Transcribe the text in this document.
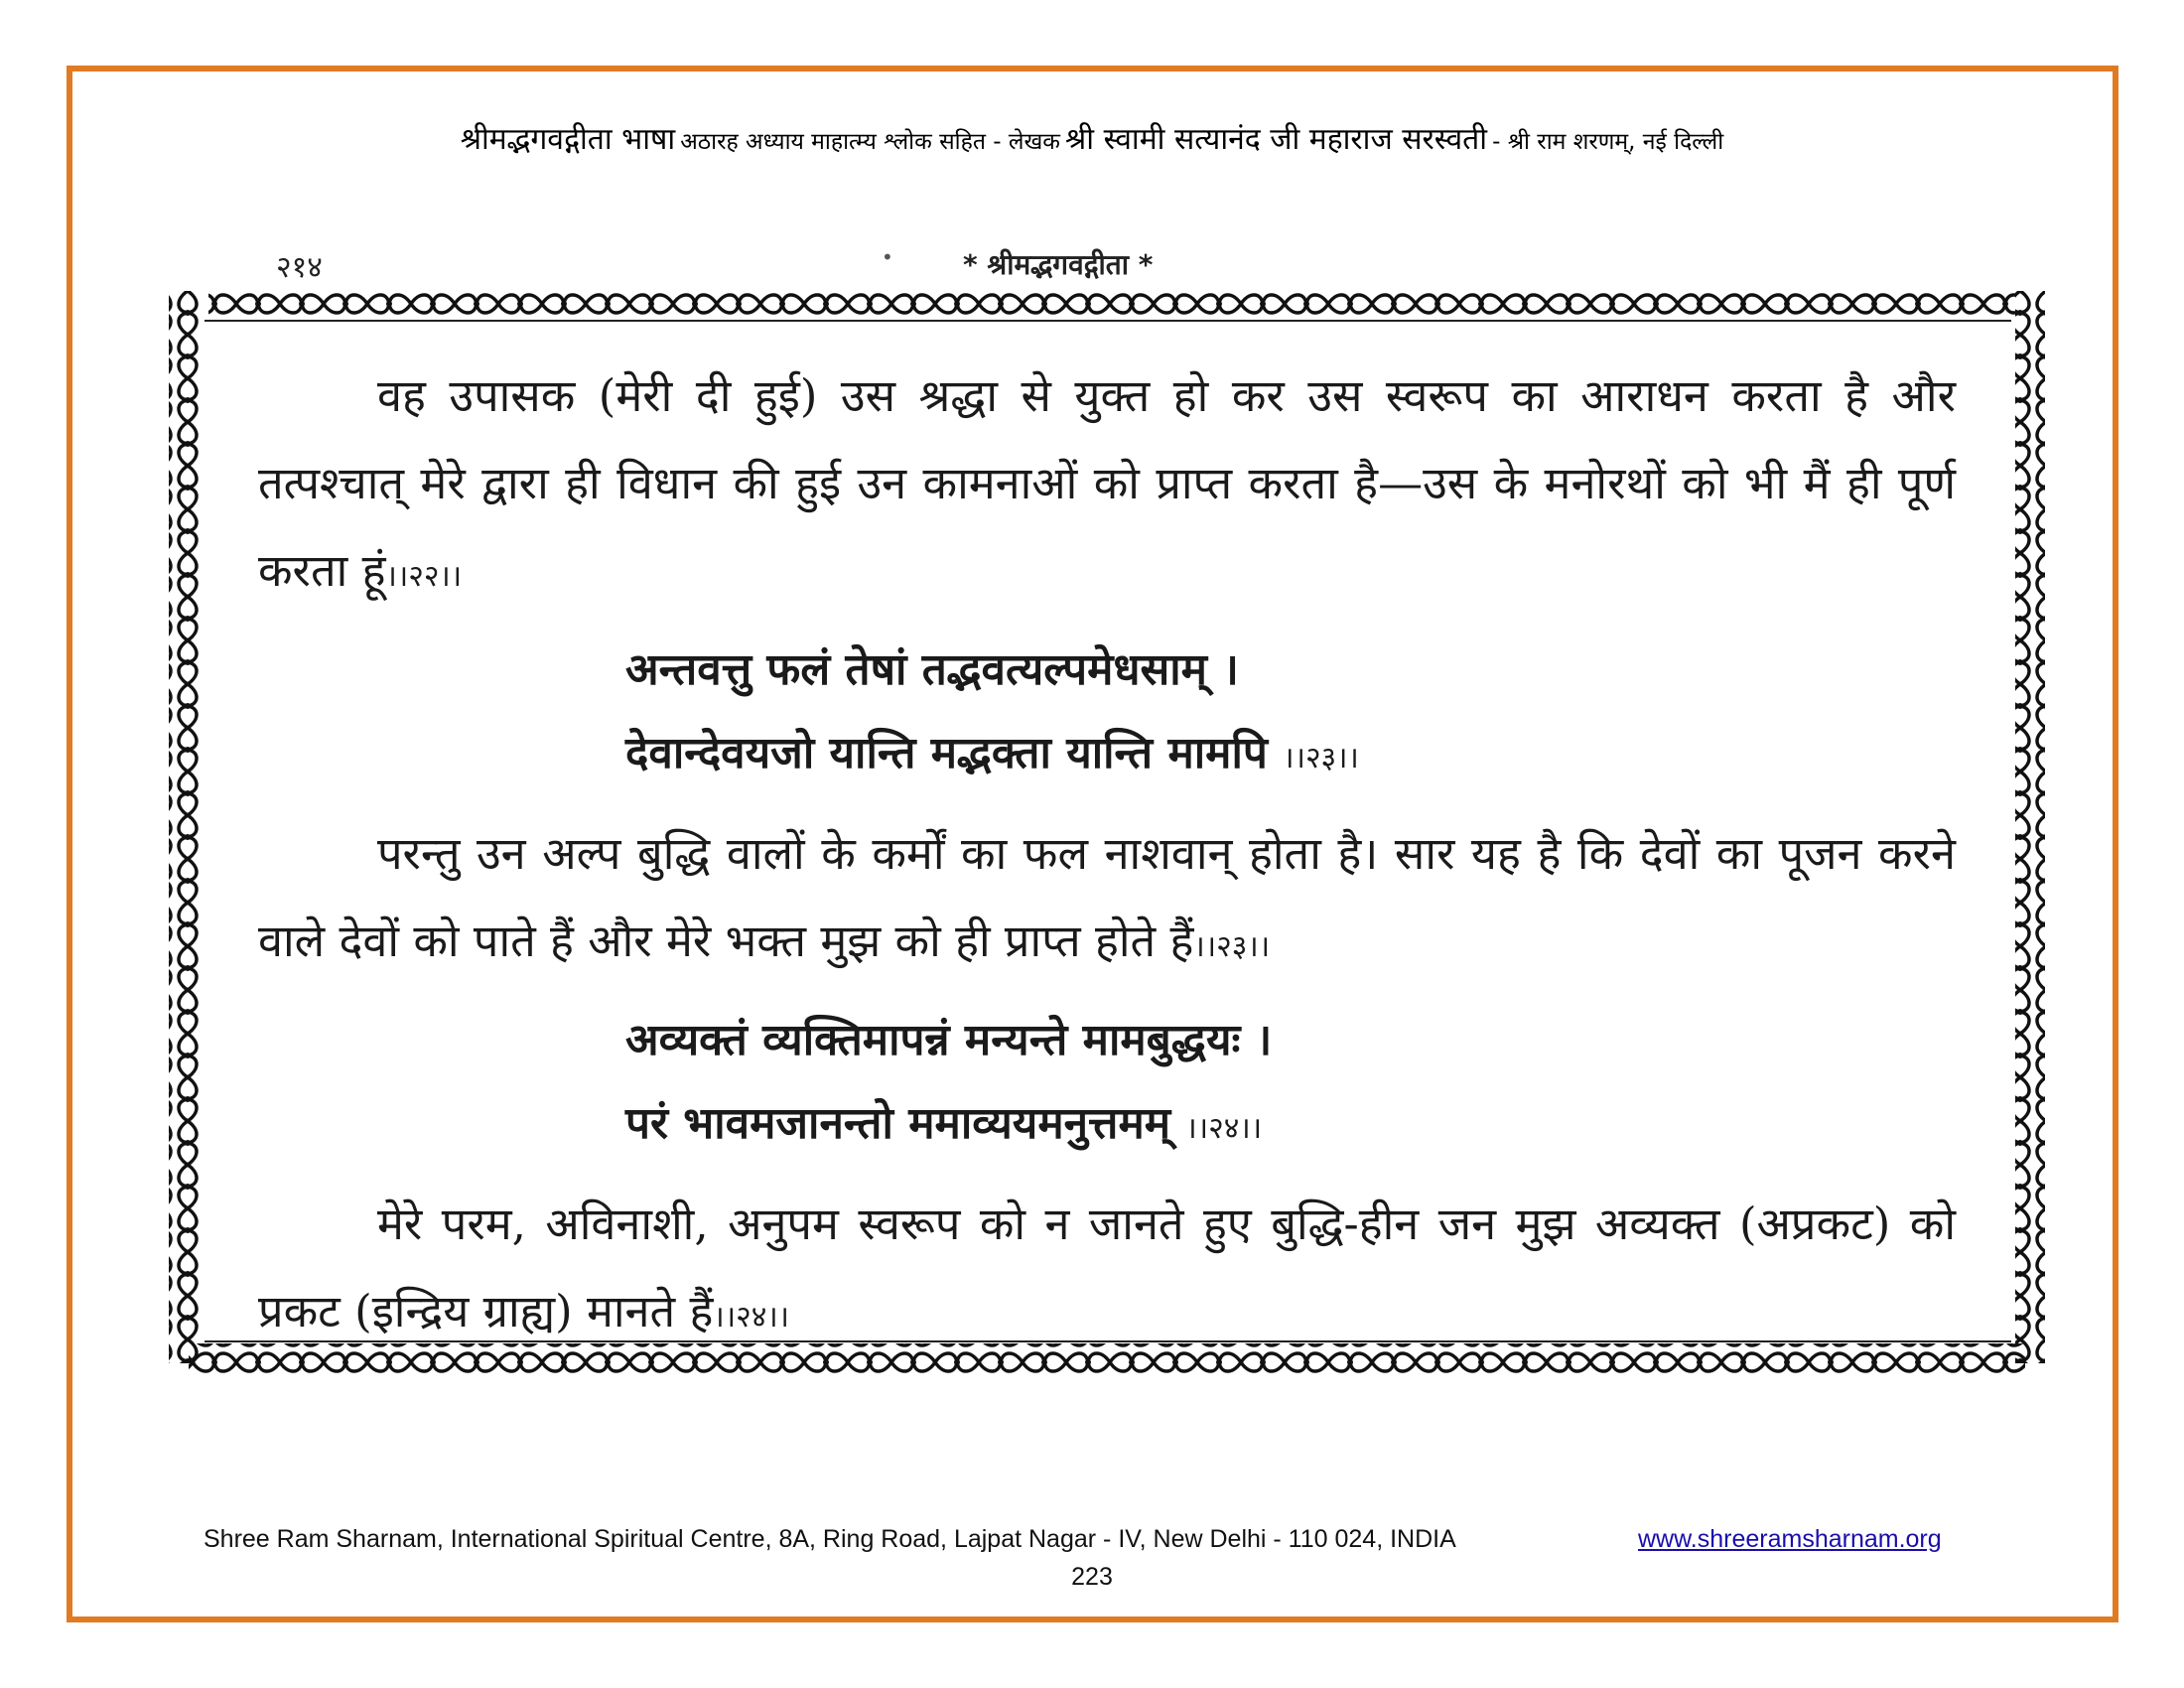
श्रीमद्भगवद्गीता भाषा अठारह अध्याय माहात्म्य श्लोक सहित - लेखक श्री स्वामी सत्यानंद जी महाराज सरस्वती - श्री राम शरणम्, नई दिल्ली
२१४	•	* श्रीमद्भगवद्गीता *

वह उपासक (मेरी दी हुई) उस श्रद्धा से युक्त हो कर उस स्वरूप का आराधन करता है और तत्पश्चात् मेरे द्वारा ही विधान की हुई उन कामनाओं को प्राप्त करता है—उस के मनोरथों को भी मैं ही पूर्ण करता हूं।।२२।।

अन्तवत्तु फलं तेषां तद्भवत्यल्पमेधसाम् ।
देवान्देवयजो यान्ति मद्भक्ता यान्ति मामपि ।।२३।।

परन्तु उन अल्प बुद्धि वालों के कर्मों का फल नाशवान् होता है। सार यह है कि देवों का पूजन करने वाले देवों को पाते हैं और मेरे भक्त मुझ को ही प्राप्त होते हैं।।२३।।

अव्यक्तं व्यक्तिमापन्नं मन्यन्ते मामबुद्धयः ।
परं भावमजानन्तो ममाव्ययमनुत्तमम् ।।२४।।

मेरे परम, अविनाशी, अनुपम स्वरूप को न जानते हुए बुद्धि-हीन जन मुझ अव्यक्त (अप्रकट) को प्रकट (इन्द्रिय ग्राह्य) मानते हैं।।२४।।

Shree Ram Sharnam, International Spiritual Centre, 8A, Ring Road, Lajpat Nagar - IV, New Delhi - 110 024, INDIA	www.shreeramsharnam.org
223
